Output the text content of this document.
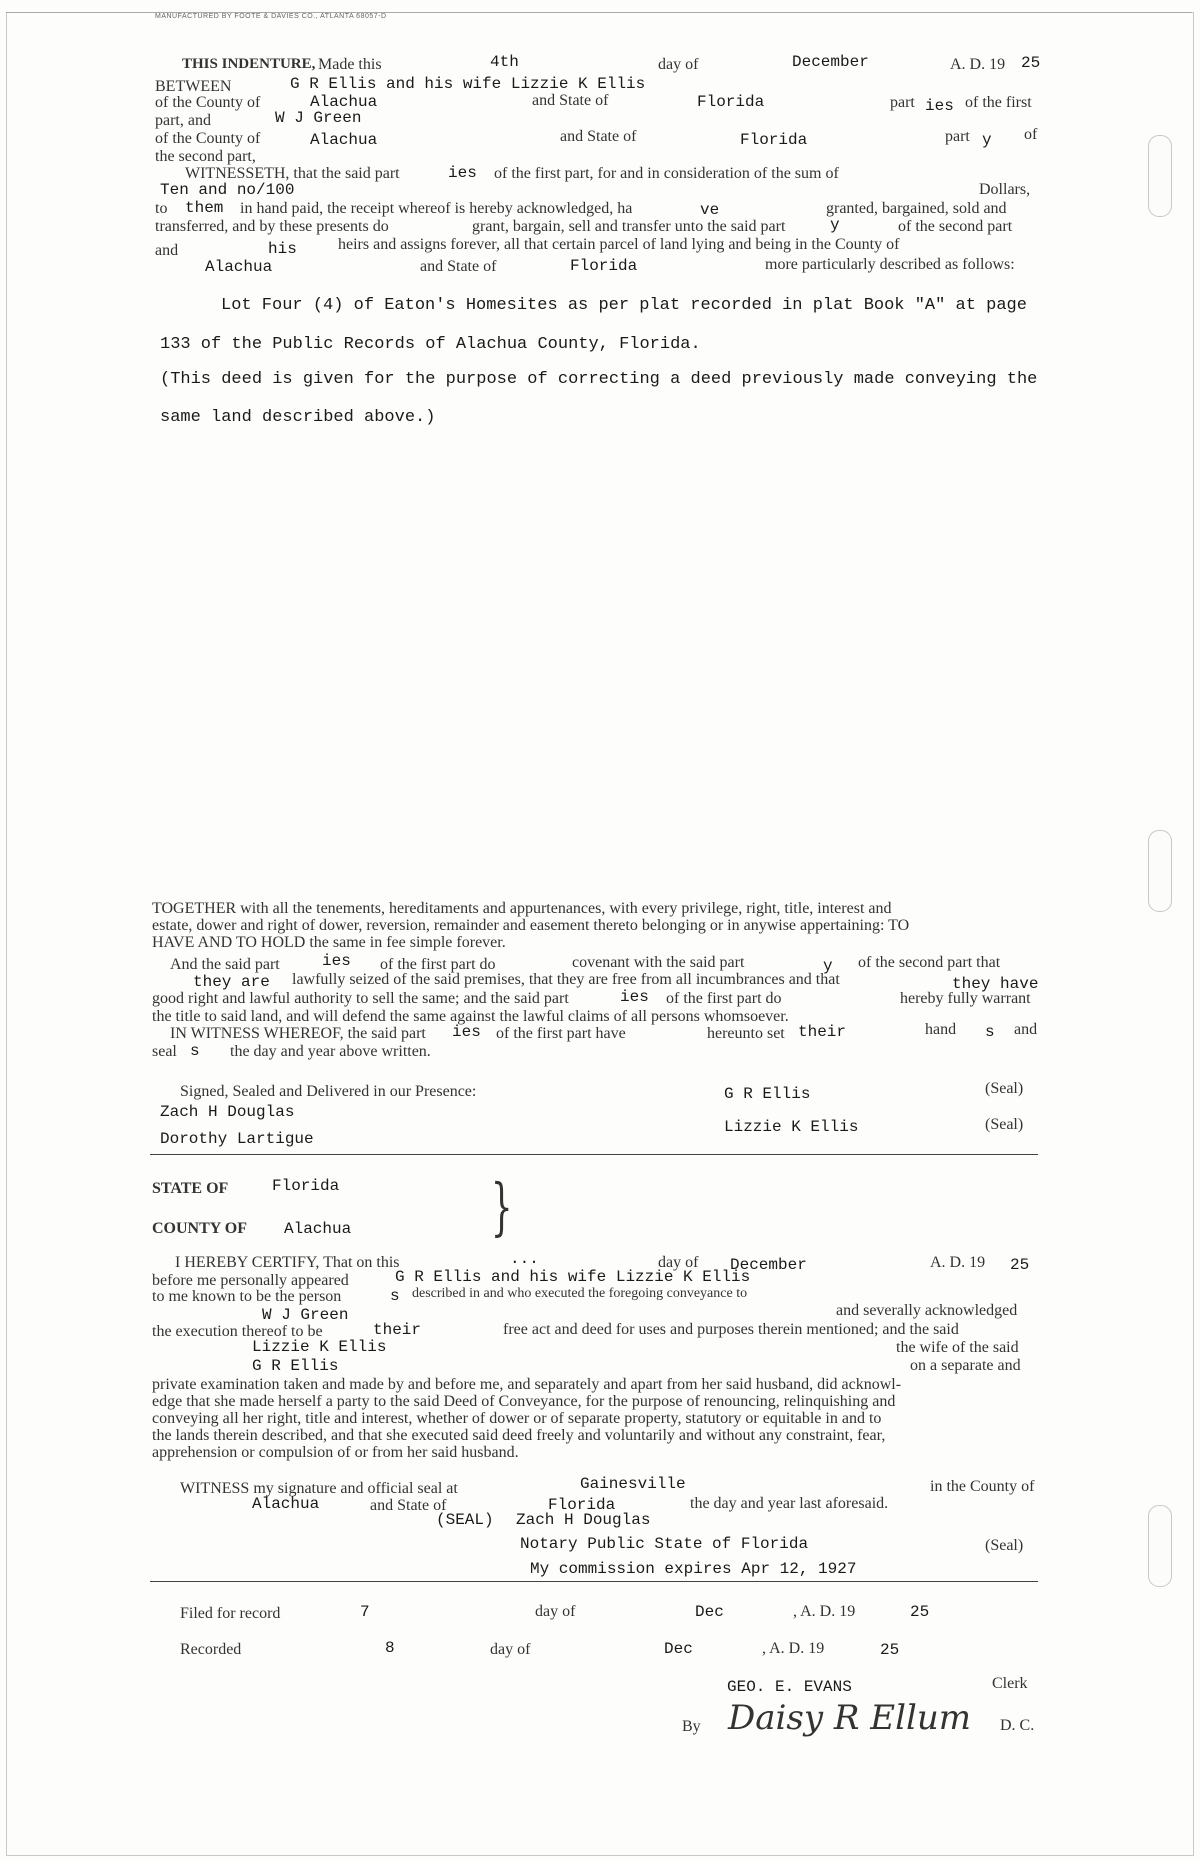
MANUFACTURED BY FOOTE & DAVIES CO., ATLANTA 68057-D
THIS INDENTURE, Made this	4th	day of	December	A. D. 19 25
BETWEEN	G R Ellis and his wife Lizzie K Ellis
of the County of	Alachua	and State of	Florida	part ies of the first
part, and	W J Green
of the County of	Alachua	and State of	Florida	part y of
the second part,
WITNESSETH, that the said part	ies of the first part, for and in consideration of the sum of
Ten and no/100	Dollars,
to them in hand paid, the receipt whereof is hereby acknowledged, ha	ve	granted, bargained, sold and
transferred, and by these presents do	grant, bargain, sell and transfer unto the said part	y	of the second part
and	his	heirs and assigns forever, all that certain parcel of land lying and being in the County of
Alachua	and State of	Florida	more particularly described as follows:
Lot Four (4) of Eaton's Homesites as per plat recorded in plat Book "A" at page
133 of the Public Records of Alachua County, Florida.
(This deed is given for the purpose of correcting a deed previously made conveying the
same land described above.)
TOGETHER with all the tenements, hereditaments and appurtenances, with every privilege, right, title, interest and
estate, dower and right of dower, reversion, remainder and easement thereto belonging or in anywise appertaining: TO
HAVE AND TO HOLD the same in fee simple forever.
And the said part	ies of the first part do	covenant with the said part	y of the second part that
they are lawfully seized of the said premises, that they are free from all incumbrances and that	they have
good right and lawful authority to sell the same; and the said part	ies of the first part do	hereby fully warrant
the title to said land, and will defend the same against the lawful claims of all persons whomsoever.
IN WITNESS WHEREOF, the said part ies of the first part have	hereunto set their	hand s and
seal s the day and year above written.
Signed, Sealed and Delivered in our Presence:
Zach H Douglas
Dorothy Lartigue
G R Ellis	(Seal)
Lizzie K Ellis	(Seal)
STATE OF	Florida
COUNTY OF Alachua }
I HEREBY CERTIFY, That on this	...	day of December	A. D. 19 25
before me personally appeared	G R Ellis and his wife Lizzie K Ellis
to me known to be the person	s described in and who executed the foregoing conveyance to
W J Green	and severally acknowledged
the execution thereof to be	their	free act and deed for uses and purposes therein mentioned; and the said
Lizzie K Ellis	the wife of the said
G R Ellis	on a separate and
private examination taken and made by and before me, and separately and apart from her said husband, did acknowl-
edge that she made herself a party to the said Deed of Conveyance, for the purpose of renouncing, relinquishing and
conveying all her right, title and interest, whether of dower or of separate property, statutory or equitable in and to
the lands therein described, and that she executed said deed freely and voluntarily and without any constraint, fear,
apprehension or compulsion of or from her said husband.
WITNESS my signature and official seal at	Gainesville	in the County of
Alachua	and State of	Florida	the day and year last aforesaid.
(SEAL) Zach H Douglas
Notary Public State of Florida	(Seal)
My commission expires Apr 12, 1927
Filed for record	7	day of	Dec	, A. D. 19	25
Recorded	8	day of	Dec	, A. D. 19	25
GEO. E. EVANS	Clerk
By Daisy R Ellum D. C.
